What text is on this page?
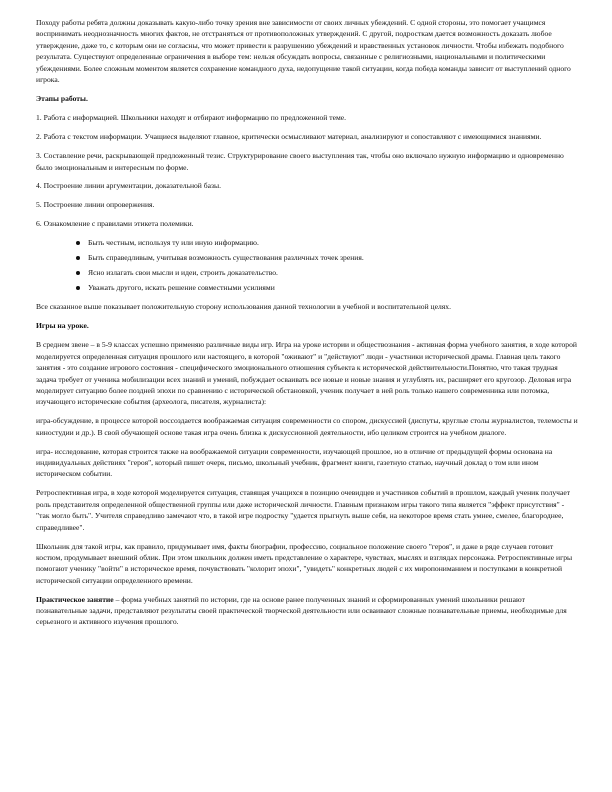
Походу работы ребята должны доказывать какую-либо точку зрения вне зависимости от своих личных убеждений. С одной стороны, это помогает учащимся воспринимать неоднозначность многих фактов, не отстраняться от противоположных утверждений. С другой, подросткам дается возможность доказать любое утверждение, даже то, с которым они не согласны, что может привести к разрушению убеждений и нравственных установок личности. Чтобы избежать подобного результата. Существуют определенные ограничения в выборе тем: нельзя обсуждать вопросы, связанные с религиозными, национальными и политическими убеждениями. Более сложным моментом является сохранение командного духа, недопущение такой ситуации, когда победа команды зависит от выступлений одного игрока.

Этапы работы.

1. Работа с информацией. Школьники находят и отбирают информацию по предложенной теме.

2. Работа с текстом информации. Учащиеся выделяют главное, критически осмысливают материал, анализируют и сопоставляют с имеющимися знаниями.

3. Составление речи, раскрывающей предложенный тезис. Структурирование своего выступления так, чтобы оно включало нужную информацию и одновременно было эмоциональным и интересным по форме.

4. Построение линии аргументации, доказательной базы.

5. Построение линии опровержения.

6. Ознакомление с правилами этикета полемики.

Быть честным, используя ту или иную информацию.
Быть справедливым, учитывая возможность существования различных точек зрения.
Ясно излагать свои мысли и идеи, строить доказательство.
Уважать другого, искать решение совместными усилиями

Все сказанное выше показывает положительную сторону использования данной технологии в учебной и воспитательной целях.

Игры на уроке.

В среднем звене – в 5-9 классах успешно применяю различные виды игр. Игра на уроке истории и обществознания - активная форма учебного занятия, в ходе которой моделируется определенная ситуация прошлого или настоящего, в которой "оживают" и "действуют" люди - участники исторической драмы. Главная цель такого занятия - это создание игрового состояния - специфического эмоционального отношения субъекта к исторической действительности.Понятно, что такая трудная задача требует от ученика мобилизации всех знаний и умений, побуждает осваивать все новые и новые знания и углублять их, расширяет его кругозор. Деловая игра моделирует ситуацию более поздней эпохи по сравнению с исторической обстановкой, ученик получает в ней роль только нашего современника или потомка, изучающего исторические события (археолога, писателя, журналиста):

игра-обсуждение, в процессе которой воссоздается воображаемая ситуация современности со спором, дискуссией (диспуты, круглые столы журналистов, телемосты и киностудии и др.). В свой обучающей основе такая игра очень близка к дискуссионной деятельности, ибо целиком строится на учебном диалоге.

игра- исследование, которая строится также на воображаемой ситуации современности, изучающей прошлое, но в отличие от предыдущей формы основана на индивидуальных действиях "героя", который пишет очерк, письмо, школьный учебник, фрагмент книги, газетную статью, научный доклад о том или ином историческом событии.

Ретроспективная игра, в ходе которой моделируется ситуация, ставящая учащихся в позицию очевидцев и участников событий в прошлом, каждый ученик получает роль представителя определенной общественной группы или даже исторической личности. Главным признаком игры такого типа является "эффект присутствия" - "так могло быть". Учителя справедливо замечают что, в такой игре подростку "удается прыгнуть выше себя, на некоторое время стать умнее, смелее, благороднее, справедливее".

Школьник для такой игры, как правило, придумывает имя, факты биографии, профессию, социальное положение своего "героя", и даже в ряде случаев готовит костюм, продумывает внешний облик. При этом школьник должен иметь представление о характере, чувствах, мыслях и взглядах персонажа. Ретроспективные игры помогают ученику "войти" в историческое время, почувствовать "колорит эпохи", "увидеть" конкретных людей с их миропониманием и поступками в конкретной исторической ситуации определенного времени.

Практическое занятие – форма учебных занятий по истории, где на основе ранее полученных знаний и сформированных умений школьники решают познавательные задачи, представляют результаты своей практической творческой деятельности или осваивают сложные познавательные приемы, необходимые для серьезного и активного изучения прошлого.
